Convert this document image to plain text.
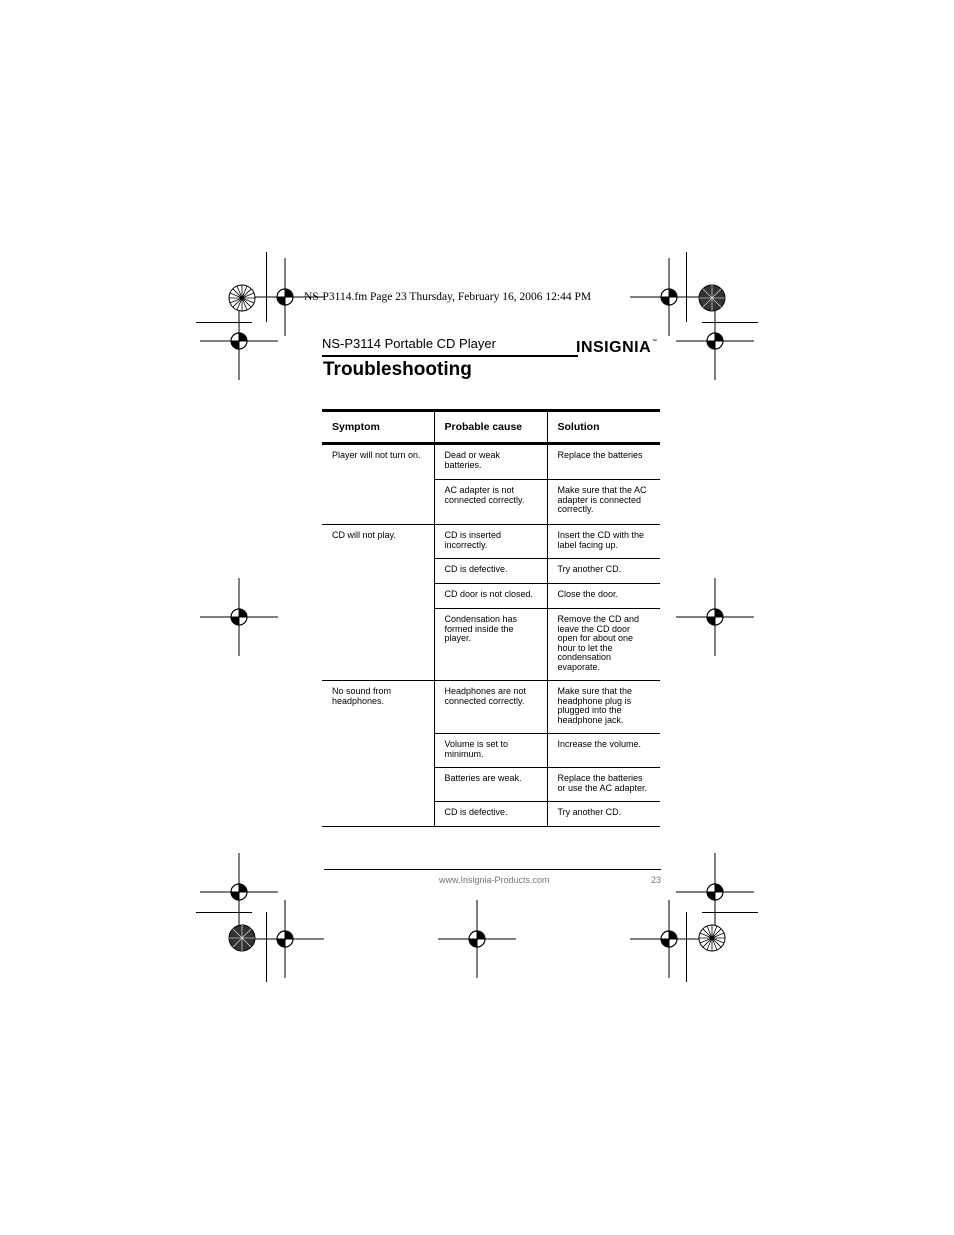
NS-P3114.fm Page 23 Thursday, February 16, 2006 12:44 PM
NS-P3114 Portable CD Player	INSIGNIA™
Troubleshooting
Symptom	Probable cause	Solution
Player will not turn on.	Dead or weak batteries.	Replace the batteries
	AC adapter is not connected correctly.	Make sure that the AC adapter is connected correctly.
CD will not play.	CD is inserted incorrectly.	Insert the CD with the label facing up.
	CD is defective.	Try another CD.
	CD door is not closed.	Close the door.
	Condensation has formed inside the player.	Remove the CD and leave the CD door open for about one hour to let the condensation evaporate.
No sound from headphones.	Headphones are not connected correctly.	Make sure that the headphone plug is plugged into the headphone jack.
	Volume is set to minimum.	Increase the volume.
	Batteries are weak.	Replace the batteries or use the AC adapter.
	CD is defective.	Try another CD.
www.Insignia-Products.com	23
